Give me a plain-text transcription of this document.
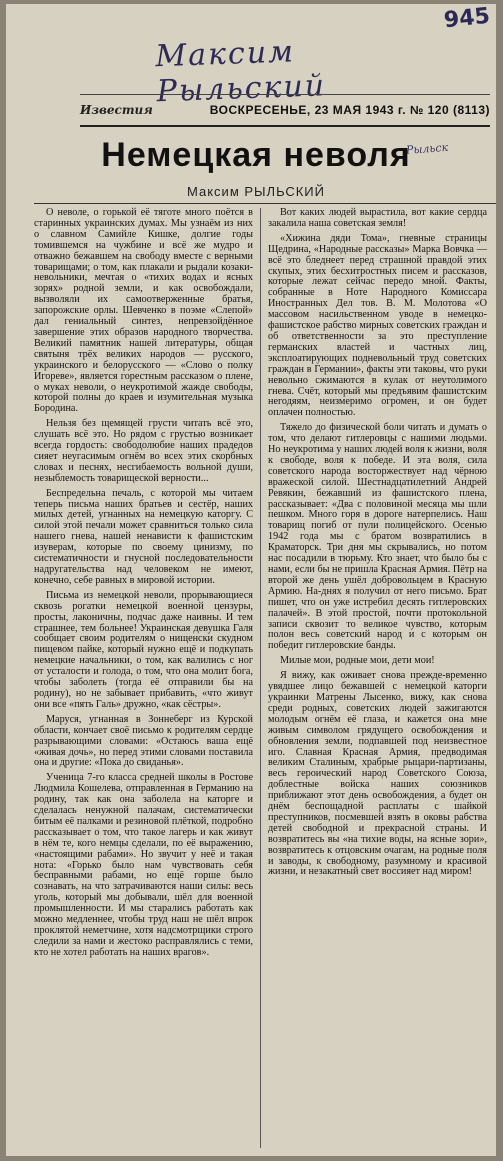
Максим Рыльский
945
Рыльск
Известия	ВОСКРЕСЕНЬЕ, 23 МАЯ 1943 г. № 120 (8113)
Немецкая неволя
Максим РЫЛЬСКИЙ

О неволе, о горькой её тяготе много поётся в старинных украинских думах. Мы узнаём из них о славном Самийле Кишке, долгие годы томившемся на чужбине и всё же мудро и отважно бежавшем на свободу вместе с верными товарищами; о том, как плакали и рыдали козаки-невольники, мечтая о «тихих водах и ясных зорях» родной земли, и как освобождали, вызволяли их самоотверженные братья, запорожские орлы. Шевченко в поэме «Слепой» дал гениальный синтез, непревзойдённое завершение этих образов народного творчества. Великий памятник нашей литературы, общая святыня трёх великих народов — русского, украинского и белорусского — «Слово о полку Игореве», является горестным рассказом о плене, о муках неволи, о неукротимой жажде свободы, которой полны до краев и изумительная музыка Бородина.

Нельзя без щемящей грусти читать всё это, слушать всё это. Но рядом с грустью возникает всегда гордость: свободолюбие наших прадедов сияет неугасимым огнём во всех этих скорбных словах и песнях, несгибаемость вольной души, незыблемость товарищеской верности...

Беспредельна печаль, с которой мы читаем теперь письма наших братьев и сестёр, наших милых детей, угнанных на немецкую каторгу. С силой этой печали может сравниться только сила нашего гнева, нашей ненависти к фашистским изуверам, которые по своему цинизму, по систематичности и гнусной последовательности надругательства над человеком не имеют, конечно, себе равных в мировой истории.

Письма из немецкой неволи, прорывающиеся сквозь рогатки немецкой военной цензуры, просты, лаконичны, подчас даже наивны. И тем страшнее, тем больнее! Украинская девушка Галя сообщает своим родителям о нищенски скудном пищевом пайке, который нужно ещё и подкупать немецкие начальники, о том, как валились с ног от усталости и голода, о том, что она молит бога, чтобы заболеть (тогда её отправили бы на родину), но не забывает прибавить, «что живут они все «пять Галь» дружно, «как сёстры».

Маруся, угнанная в Зоннеберг из Курской области, кончает своё письмо к родителям сердце разрывающими словами: «Остаюсь ваша ещё «живая дочь», но перед этими словами поставила она и другие: «Пока до свиданья».

Ученица 7-го класса средней школы в Ростове Людмила Кошелева, отправленная в Германию на родину, так как она заболела на каторге и сделалась ненужной палачам, систематически битым её палками и резиновой плёткой, подробно рассказывает о том, что такое лагерь и как живут в нём те, кого немцы сделали, по её выражению, «настоящими рабами». Но звучит у неё и такая нота: «Горько было нам чувствовать себя бесправными рабами, но ещё горше было сознавать, на что затрачиваются наши силы: весь уголь, который мы добывали, шёл для военной промышленности. И мы старались работать как можно медленнее, чтобы труд наш не шёл впрок проклятой неметчине, хотя надсмотрщики строго следили за нами и жестоко расправлялись с теми, кто не хотел работать на наших врагов».

Вот каких людей вырастила, вот какие сердца закалила наша советская земля!

«Хижина дяди Тома», гневные страницы Щедрина, «Народные рассказы» Марка Вовчка — всё это бледнеет перед страшной правдой этих скупых, этих бесхитростных писем и рассказов, которые лежат сейчас передо мной. Факты, собранные в Ноте Народного Комиссара Иностранных Дел тов. В. М. Молотова «О массовом насильственном уводе в немецко-фашистское рабство мирных советских граждан и об ответственности за это преступление германских властей и частных лиц, эксплоатирующих подневольный труд советских граждан в Германии», факты эти таковы, что руки невольно сжимаются в кулак от неутолимого гнева. Счёт, который мы предъявим фашистским негодяям, неизмеримо огромен, и он будет оплачен полностью.

Тяжело до физической боли читать и думать о том, что делают гитлеровцы с нашими людьми. Но неукротима у наших людей воля к жизни, воля к свободе, воля к победе. И эта воля, сила советского народа восторжествует над чёрною вражеской силой. Шестнадцатилетний Андрей Ревякин, бежавший из фашистского плена, рассказывает: «Два с половиной месяца мы шли пешком. Много горя в дороге натерпелись. Наш товарищ погиб от пули полицейского. Осенью 1942 года мы с братом возвратились в Краматорск. Три дня мы скрывались, но потом нас посадили в тюрьму. Кто знает, что было бы с нами, если бы не пришла Красная Армия. Пётр на второй же день ушёл добровольцем в Красную Армию. На-днях я получил от него письмо. Брат пишет, что он уже истребил десять гитлеровских палачей». В этой простой, почти протокольной записи сквозит то великое чувство, которым полон весь советский народ и с которым он победит гитлеровские банды.

Милые мои, родные мои, дети мои!

Я вижу, как оживает снова прежде-временно увядшее лицо бежавшей с немецкой каторги украинки Матрены Лысенко, вижу, как снова среди родных, советских людей зажигаются молодым огнём её глаза, и кажется она мне живым символом грядущего освобождения и обновления земли, подпавшей под неизвестное иго. Славная Красная Армия, предводимая великим Сталиным, храбрые рыцари-партизаны, весь героический народ Советского Союза, доблестные войска наших союзников приближают этот день освобождения, а будет он днём беспощадной расплаты с шайкой преступников, посмевшей взять в оковы рабства детей свободной и прекрасной страны. И возвратитесь вы «на тихие воды, на ясные зори», возвратитесь к отцовским очагам, на родные поля и заводы, к свободному, разумному и красивой жизни, и незакатный свет воссияет над миром!
